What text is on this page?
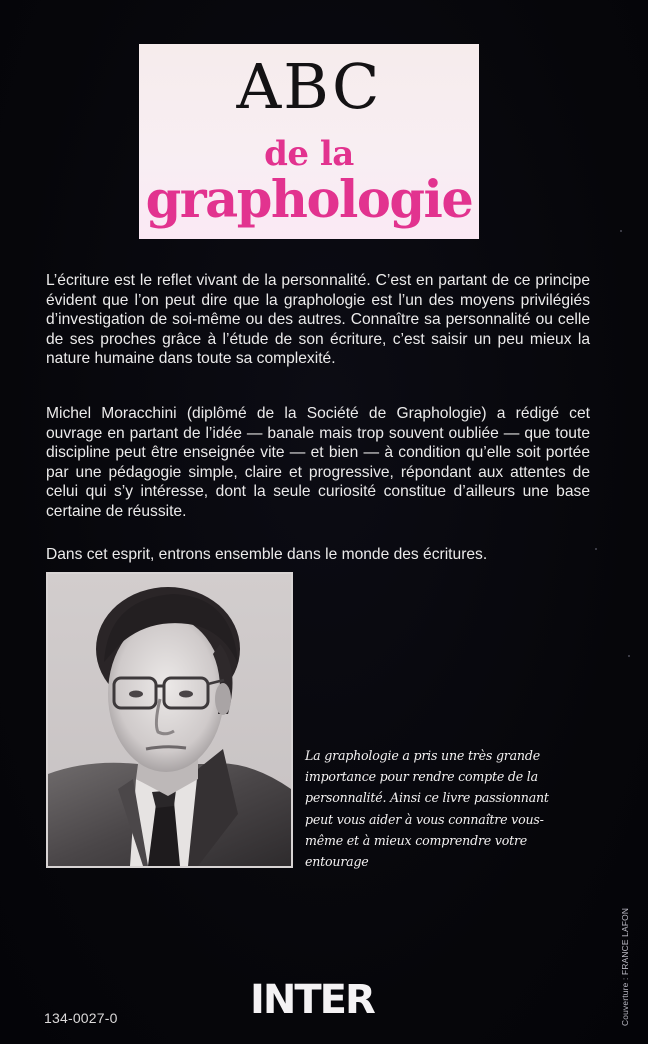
ABC
de la
graphologie

L’écriture est le reflet vivant de la personnalité. C’est en partant de ce principe évident que l’on peut dire que la graphologie est l’un des moyens privilégiés d’investigation de soi-même ou des autres. Connaître sa personnalité ou celle de ses proches grâce à l’étude de son écriture, c’est saisir un peu mieux la nature humaine dans toute sa complexité.

Michel Moracchini (diplômé de la Société de Graphologie) a rédigé cet ouvrage en partant de l’idée — banale mais trop souvent oubliée — que toute discipline peut être enseignée vite — et bien — à condition qu’elle soit portée par une pédagogie simple, claire et progressive, répondant aux attentes de celui qui s’y intéresse, dont la seule curiosité constitue d’ailleurs une base certaine de réussite.

Dans cet esprit, entrons ensemble dans le monde des écritures.

La graphologie a pris une très grande
importance pour rendre compte de la
personnalité. Ainsi ce livre passionnant
peut vous aider à vous connaître vous-
même et à mieux comprendre votre
entourage
134-0027-0	INTER	Couverture : FRANCE LAFON
